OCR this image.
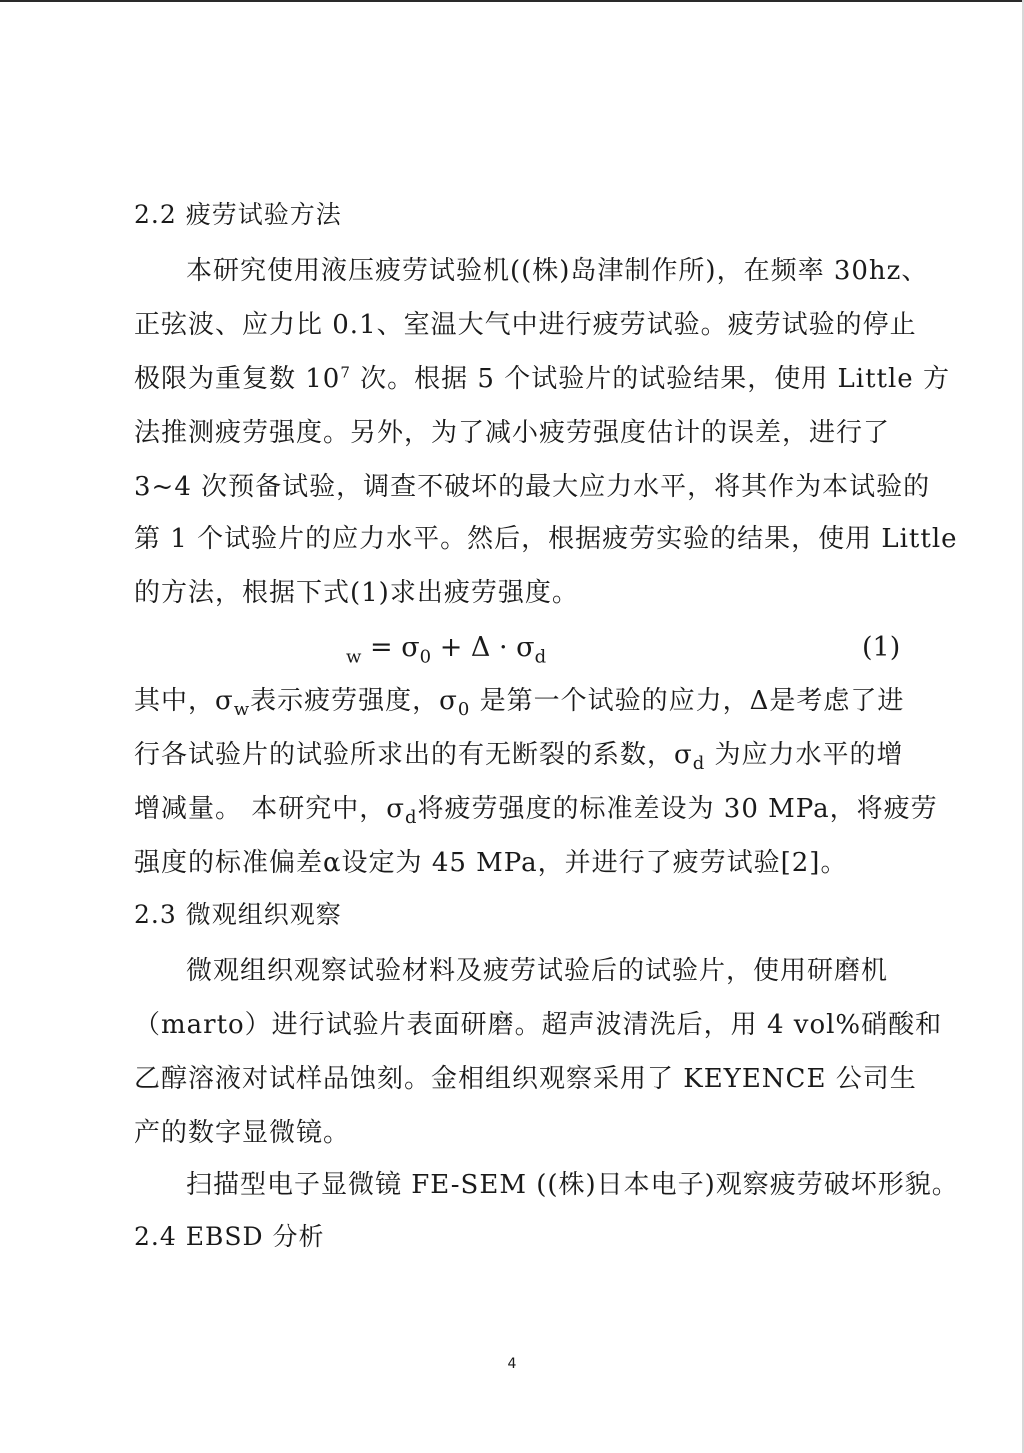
2.2 疲劳试验方法
本研究使用液压疲劳试验机((株)岛津制作所)，在频率 30hz、
正弦波、应力比 0.1、室温大气中进行疲劳试验。疲劳试验的停止
极限为重复数 $10^7$ 次。根据 5 个试验片的试验结果，使用 Little 方
法推测疲劳强度。另外，为了减小疲劳强度估计的误差，进行了
3~4 次预备试验，调查不破坏的最大应力水平，将其作为本试验的
第 1 个试验片的应力水平。然后，根据疲劳实验的结果，使用 Little
的方法，根据下式(1)求出疲劳强度。
$_w = \sigma_0 + \Delta \cdot \sigma_d$	(1)
其中，$\sigma_w$表示疲劳强度，$\sigma_0$ 是第一个试验的应力，Δ是考虑了进
行各试验片的试验所求出的有无断裂的系数，$\sigma_d$ 为应力水平的增
增减量。 本研究中，$\sigma_d$将疲劳强度的标准差设为 30 MPa，将疲劳
强度的标准偏差α设定为 45 MPa，并进行了疲劳试验[2]。
2.3 微观组织观察
微观组织观察试验材料及疲劳试验后的试验片，使用研磨机
（marto）进行试验片表面研磨。超声波清洗后，用 4 vol%硝酸和
乙醇溶液对试样品蚀刻。金相组织观察采用了 KEYENCE 公司生
产的数字显微镜。
扫描型电子显微镜 FE-SEM ((株)日本电子)观察疲劳破坏形貌。
2.4 EBSD 分析
4
